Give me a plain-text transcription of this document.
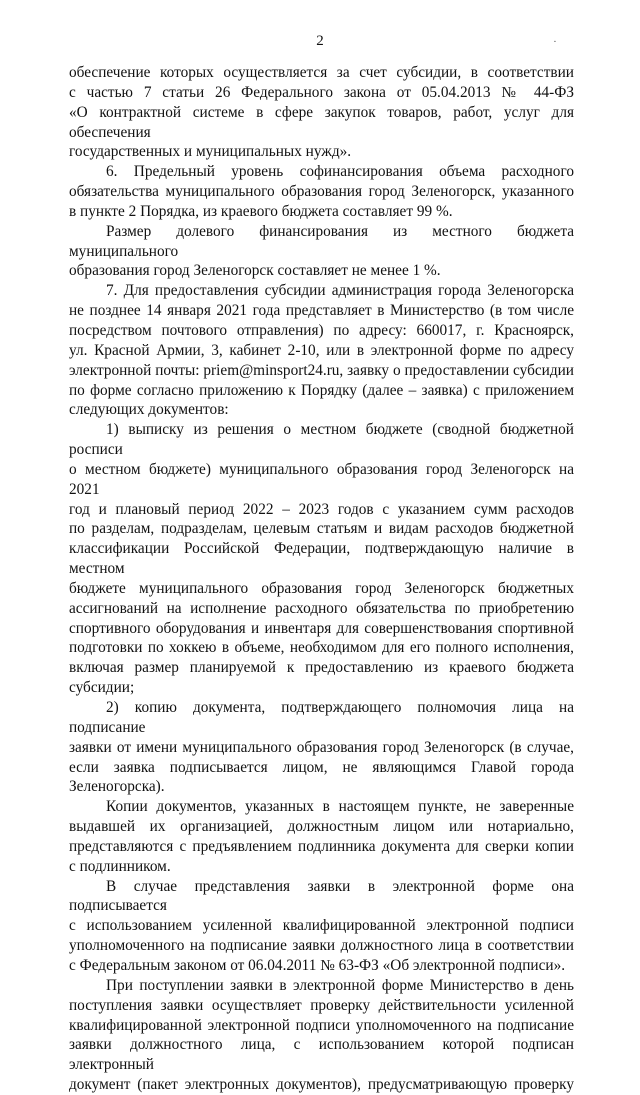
2	·

обеспечение которых осуществляется за счет субсидии, в соответствии

с частью 7 статьи 26 Федерального закона от 05.04.2013 № 44-ФЗ

«О контрактной системе в сфере закупок товаров, работ, услуг для обеспечения

государственных и муниципальных нужд».

6. Предельный уровень софинансирования объема расходного

обязательства муниципального образования город Зеленогорск, указанного

в пункте 2 Порядка, из краевого бюджета составляет 99 %.

Размер долевого финансирования из местного бюджета муниципального

образования город Зеленогорск составляет не менее 1 %.

7. Для предоставления субсидии администрация города Зеленогорска

не позднее 14 января 2021 года представляет в Министерство (в том числе

посредством почтового отправления) по адресу: 660017, г. Красноярск,

ул. Красной Армии, 3, кабинет 2-10, или в электронной форме по адресу

электронной почты: priem@minsport24.ru, заявку о предоставлении субсидии

по форме согласно приложению к Порядку (далее – заявка) с приложением

следующих документов:

1) выписку из решения о местном бюджете (сводной бюджетной росписи

о местном бюджете) муниципального образования город Зеленогорск на 2021

год и плановый период 2022 – 2023 годов с указанием сумм расходов

по разделам, подразделам, целевым статьям и видам расходов бюджетной

классификации Российской Федерации, подтверждающую наличие в местном

бюджете муниципального образования город Зеленогорск бюджетных

ассигнований на исполнение расходного обязательства по приобретению

спортивного оборудования и инвентаря для совершенствования спортивной

подготовки по хоккею в объеме, необходимом для его полного исполнения,

включая размер планируемой к предоставлению из краевого бюджета

субсидии;

2) копию документа, подтверждающего полномочия лица на подписание

заявки от имени муниципального образования город Зеленогорск (в случае,

если заявка подписывается лицом, не являющимся Главой города

Зеленогорска).

Копии документов, указанных в настоящем пункте, не заверенные

выдавшей их организацией, должностным лицом или нотариально,

представляются с предъявлением подлинника документа для сверки копии

с подлинником.

В случае представления заявки в электронной форме она подписывается

с использованием усиленной квалифицированной электронной подписи

уполномоченного на подписание заявки должностного лица в соответствии

с Федеральным законом от 06.04.2011 № 63-ФЗ «Об электронной подписи».

При поступлении заявки в электронной форме Министерство в день

поступления заявки осуществляет проверку действительности усиленной

квалифицированной электронной подписи уполномоченного на подписание

заявки должностного лица, с использованием которой подписан электронный

документ (пакет электронных документов), предусматривающую проверку
